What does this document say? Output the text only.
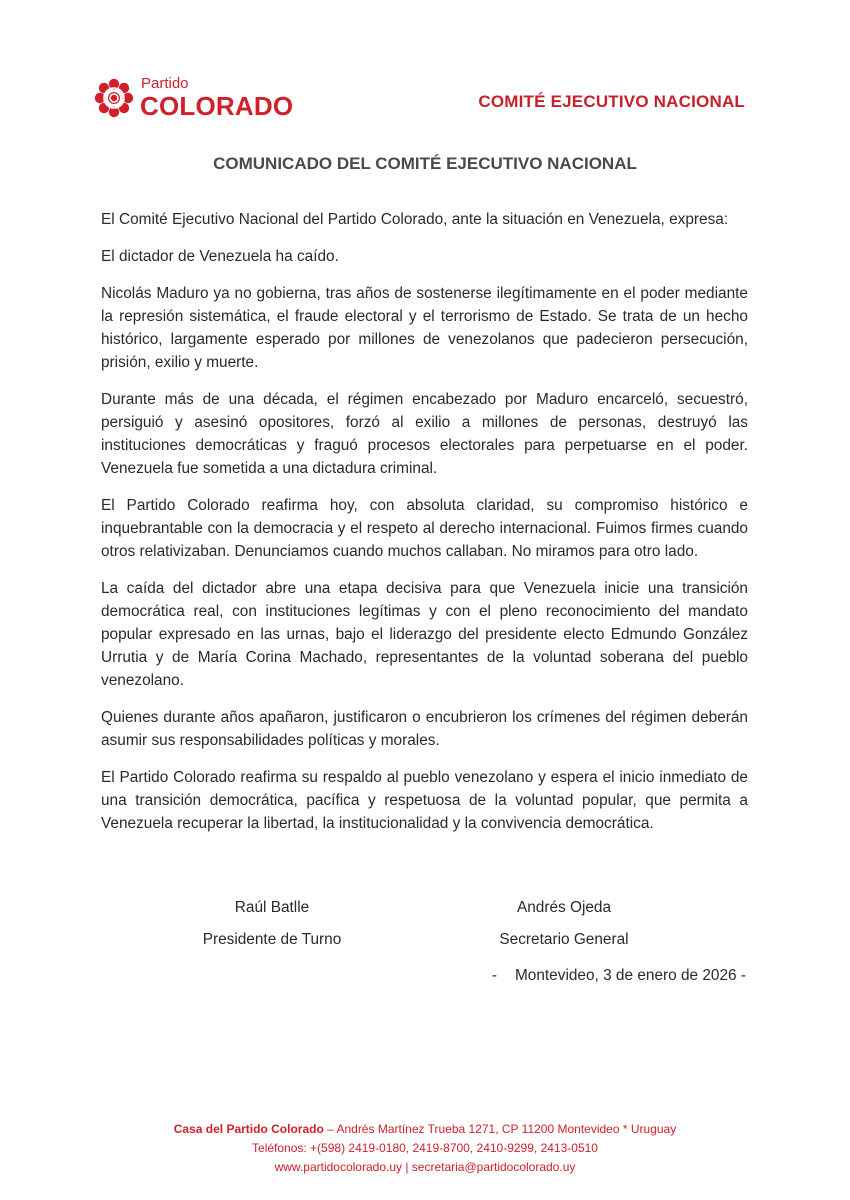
Partido
COLORADO	COMITÉ EJECUTIVO NACIONAL
COMUNICADO DEL COMITÉ EJECUTIVO NACIONAL

El Comité Ejecutivo Nacional del Partido Colorado, ante la situación en Venezuela, expresa:

El dictador de Venezuela ha caído.

Nicolás Maduro ya no gobierna, tras años de sostenerse ilegítimamente en el poder mediante la represión sistemática, el fraude electoral y el terrorismo de Estado. Se trata de un hecho histórico, largamente esperado por millones de venezolanos que padecieron persecución, prisión, exilio y muerte.

Durante más de una década, el régimen encabezado por Maduro encarceló, secuestró, persiguió y asesinó opositores, forzó al exilio a millones de personas, destruyó las instituciones democráticas y fraguó procesos electorales para perpetuarse en el poder. Venezuela fue sometida a una dictadura criminal.

El Partido Colorado reafirma hoy, con absoluta claridad, su compromiso histórico e inquebrantable con la democracia y el respeto al derecho internacional. Fuimos firmes cuando otros relativizaban. Denunciamos cuando muchos callaban. No miramos para otro lado.

La caída del dictador abre una etapa decisiva para que Venezuela inicie una transición democrática real, con instituciones legítimas y con el pleno reconocimiento del mandato popular expresado en las urnas, bajo el liderazgo del presidente electo Edmundo González Urrutia y de María Corina Machado, representantes de la voluntad soberana del pueblo venezolano.

Quienes durante años apañaron, justificaron o encubrieron los crímenes del régimen deberán asumir sus responsabilidades políticas y morales.

El Partido Colorado reafirma su respaldo al pueblo venezolano y espera el inicio inmediato de una transición democrática, pacífica y respetuosa de la voluntad popular, que permita a Venezuela recuperar la libertad, la institucionalidad y la convivencia democrática.

Raúl Batlle
Presidente de Turno
Andrés Ojeda
Secretario General
- Montevideo, 3 de enero de 2026 -
Casa del Partido Colorado – Andrés Martínez Trueba 1271, CP 11200 Montevideo * Uruguay
Teléfonos: +(598) 2419-0180, 2419-8700, 2410-9299, 2413-0510
www.partidocolorado.uy | secretaria@partidocolorado.uy
